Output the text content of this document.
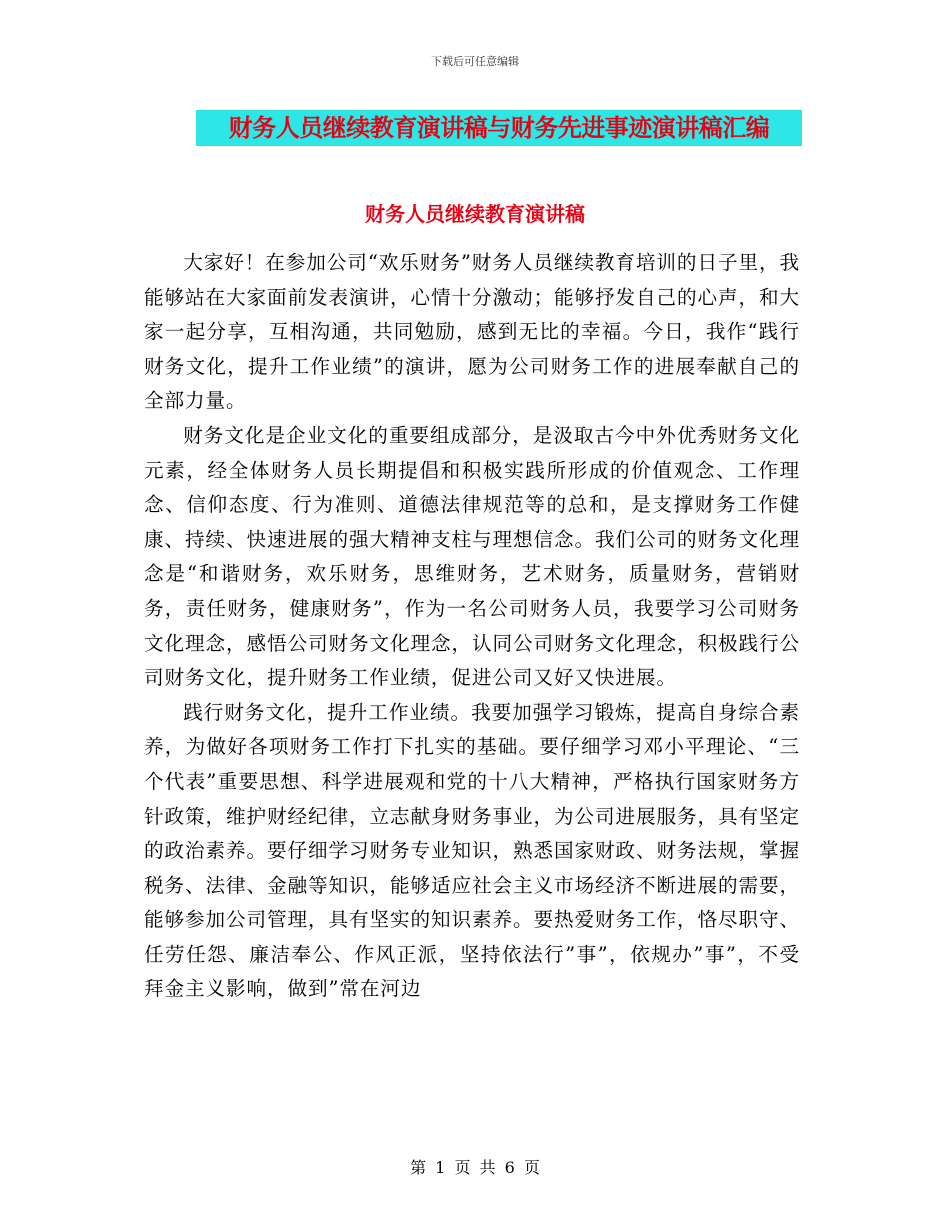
下载后可任意编辑
财务人员继续教育演讲稿与财务先进事迹演讲稿汇编
财务人员继续教育演讲稿

大家好！在参加公司“欢乐财务”财务人员继续教育培训的日子里，我能够站在大家面前发表演讲，心情十分激动；能够抒发自己的心声，和大家一起分享，互相沟通，共同勉励，感到无比的幸福。今日，我作“践行财务文化，提升工作业绩”的演讲，愿为公司财务工作的进展奉献自己的全部力量。

财务文化是企业文化的重要组成部分，是汲取古今中外优秀财务文化元素，经全体财务人员长期提倡和积极实践所形成的价值观念、工作理念、信仰态度、行为准则、道德法律规范等的总和，是支撑财务工作健康、持续、快速进展的强大精神支柱与理想信念。我们公司的财务文化理念是“和谐财务，欢乐财务，思维财务，艺术财务，质量财务，营销财务，责任财务，健康财务”，作为一名公司财务人员，我要学习公司财务文化理念，感悟公司财务文化理念，认同公司财务文化理念，积极践行公司财务文化，提升财务工作业绩，促进公司又好又快进展。

践行财务文化，提升工作业绩。我要加强学习锻炼，提高自身综合素养，为做好各项财务工作打下扎实的基础。要仔细学习邓小平理论、“三个代表”重要思想、科学进展观和党的十八大精神，严格执行国家财务方针政策，维护财经纪律，立志献身财务事业，为公司进展服务，具有坚定的政治素养。要仔细学习财务专业知识，熟悉国家财政、财务法规，掌握税务、法律、金融等知识，能够适应社会主义市场经济不断进展的需要，能够参加公司管理，具有坚实的知识素养。要热爱财务工作，恪尽职守、任劳任怨、廉洁奉公、作风正派，坚持依法行”事”，依规办”事”，不受拜金主义影响，做到”常在河边

第 1 页 共 6 页
